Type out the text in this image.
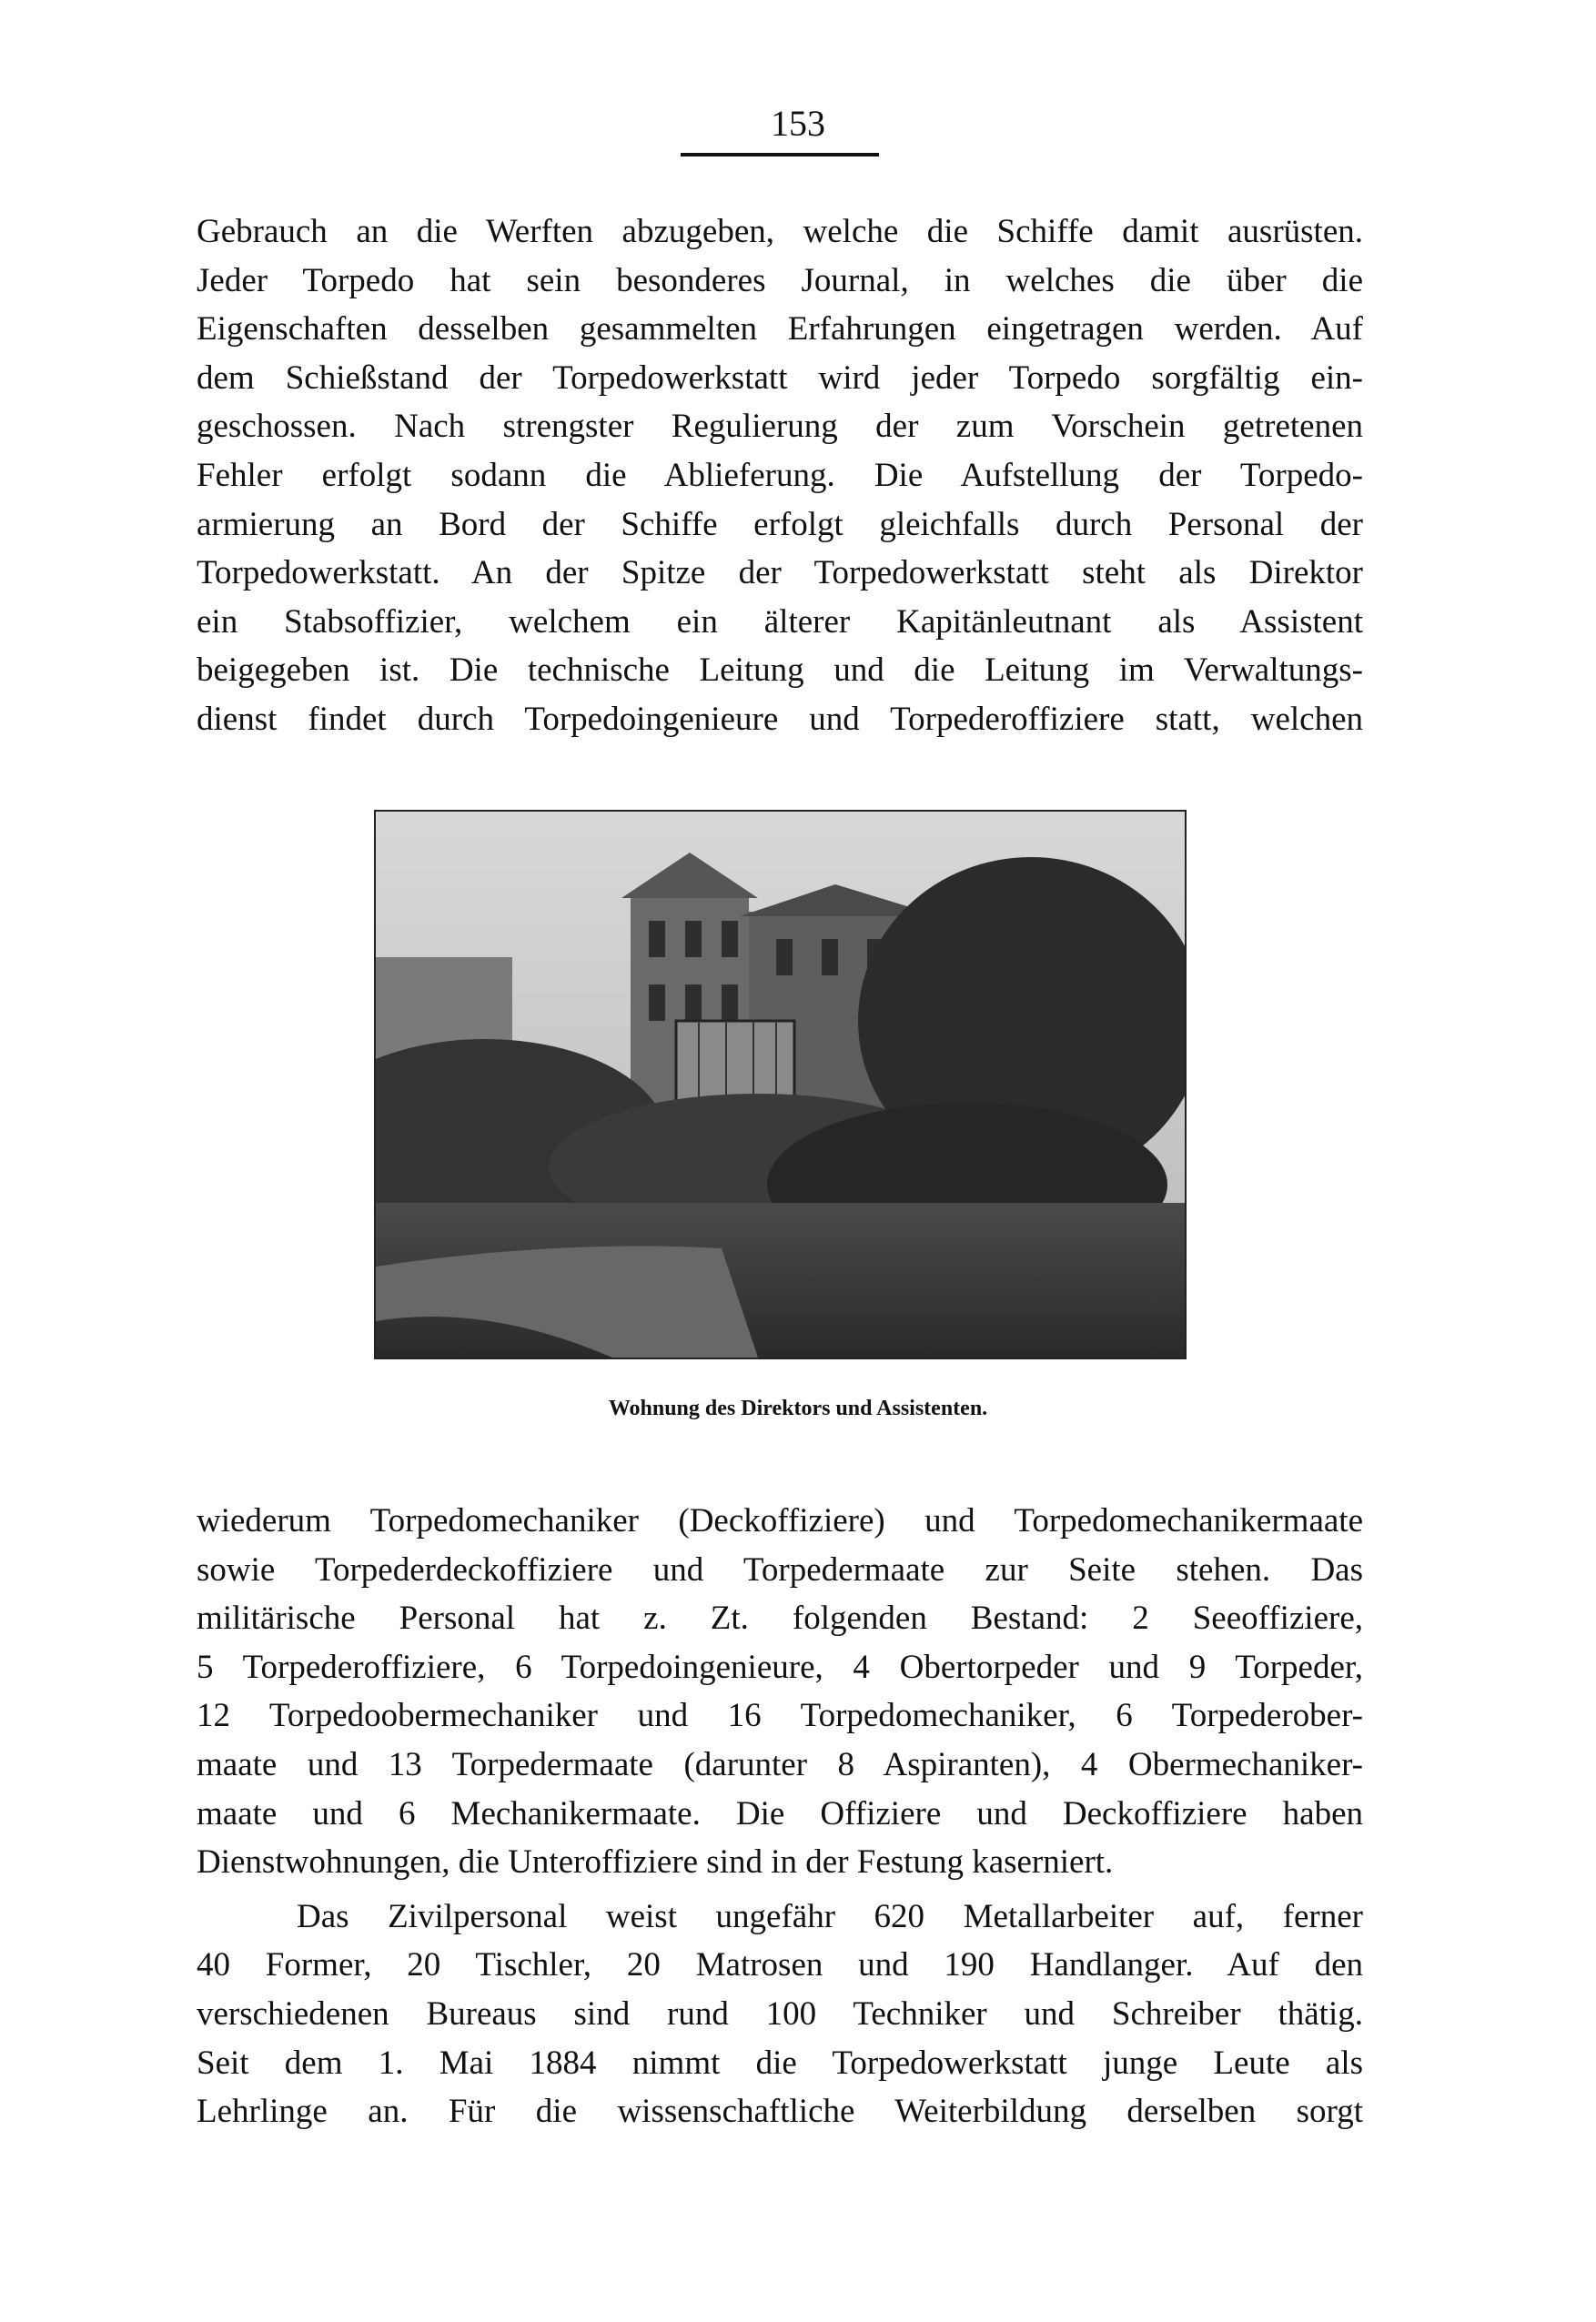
153
Gebrauch an die Werften abzugeben, welche die Schiffe damit ausrüsten.
Jeder Torpedo hat sein besonderes Journal, in welches die über die
Eigenschaften desselben gesammelten Erfahrungen eingetragen werden. Auf
dem Schießstand der Torpedowerkstatt wird jeder Torpedo sorgfältig ein-
geschossen. Nach strengster Regulierung der zum Vorschein getretenen
Fehler erfolgt sodann die Ablieferung. Die Aufstellung der Torpedo-
armierung an Bord der Schiffe erfolgt gleichfalls durch Personal der
Torpedowerkstatt. An der Spitze der Torpedowerkstatt steht als Direktor
ein Stabsoffizier, welchem ein älterer Kapitänleutnant als Assistent
beigegeben ist. Die technische Leitung und die Leitung im Verwaltungs-
dienst findet durch Torpedoingenieure und Torpederoffiziere statt, welchen
Wohnung des Direktors und Assistenten.
wiederum Torpedomechaniker (Deckoffiziere) und Torpedomechanikermaate
sowie Torpederdeckoffiziere und Torpedermaate zur Seite stehen. Das
militärische Personal hat z. Zt. folgenden Bestand: 2 Seeoffiziere,
5 Torpederoffiziere, 6 Torpedoingenieure, 4 Obertorpeder und 9 Torpeder,
12 Torpedoobermechaniker und 16 Torpedomechaniker, 6 Torpederober-
maate und 13 Torpedermaate (darunter 8 Aspiranten), 4 Obermechaniker-
maate und 6 Mechanikermaate. Die Offiziere und Deckoffiziere haben
Dienstwohnungen, die Unteroffiziere sind in der Festung kaserniert.
Das Zivilpersonal weist ungefähr 620 Metallarbeiter auf, ferner
40 Former, 20 Tischler, 20 Matrosen und 190 Handlanger. Auf den
verschiedenen Bureaus sind rund 100 Techniker und Schreiber thätig.
Seit dem 1. Mai 1884 nimmt die Torpedowerkstatt junge Leute als
Lehrlinge an. Für die wissenschaftliche Weiterbildung derselben sorgt
